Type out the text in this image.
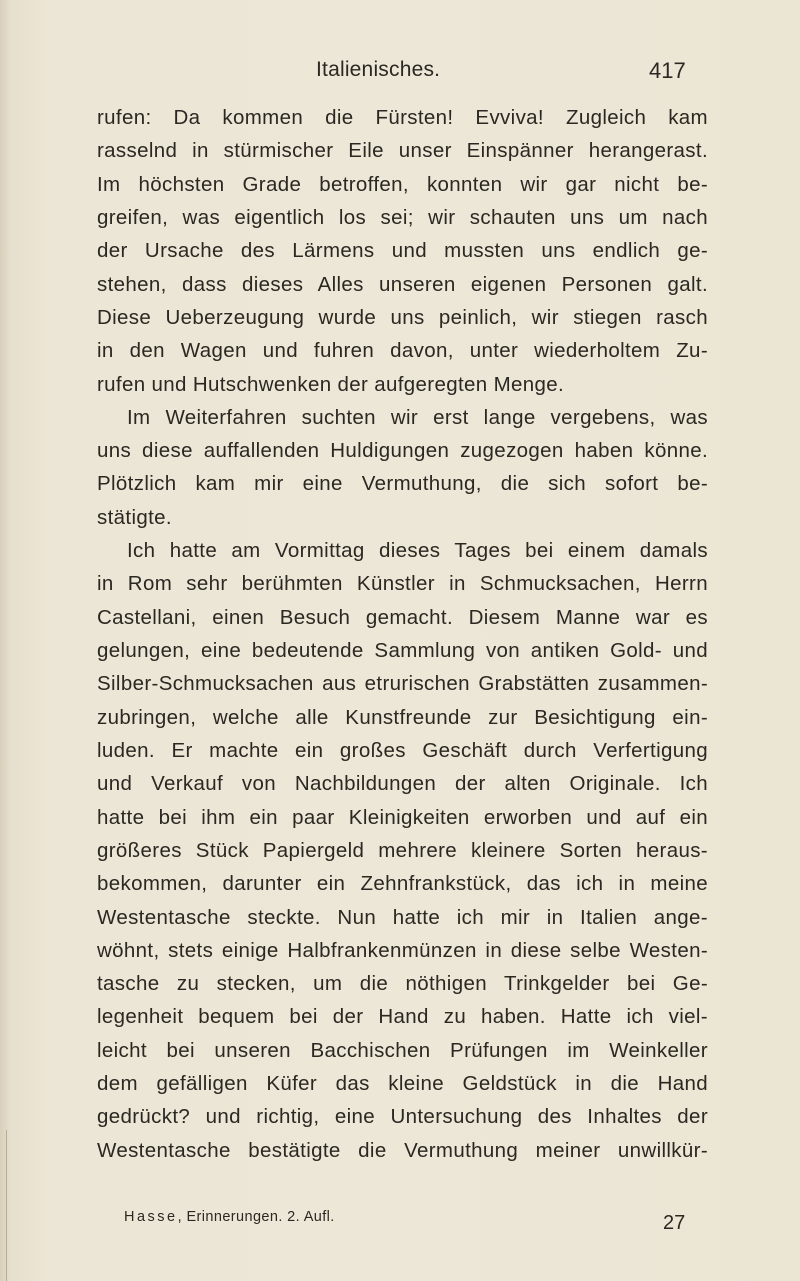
Italienisches.	417
rufen: Da kommen die Fürsten! Evviva! Zugleich kam
rasselnd in stürmischer Eile unser Einspänner herangerast.
Im höchsten Grade betroffen, konnten wir gar nicht be-
greifen, was eigentlich los sei; wir schauten uns um nach
der Ursache des Lärmens und mussten uns endlich ge-
stehen, dass dieses Alles unseren eigenen Personen galt.
Diese Ueberzeugung wurde uns peinlich, wir stiegen rasch
in den Wagen und fuhren davon, unter wiederholtem Zu-
rufen und Hutschwenken der aufgeregten Menge.
Im Weiterfahren suchten wir erst lange vergebens, was
uns diese auffallenden Huldigungen zugezogen haben könne.
Plötzlich kam mir eine Vermuthung, die sich sofort be-
stätigte.
Ich hatte am Vormittag dieses Tages bei einem damals
in Rom sehr berühmten Künstler in Schmucksachen, Herrn
Castellani, einen Besuch gemacht. Diesem Manne war es
gelungen, eine bedeutende Sammlung von antiken Gold- und
Silber-Schmucksachen aus etrurischen Grabstätten zusammen-
zubringen, welche alle Kunstfreunde zur Besichtigung ein-
luden. Er machte ein großes Geschäft durch Verfertigung
und Verkauf von Nachbildungen der alten Originale. Ich
hatte bei ihm ein paar Kleinigkeiten erworben und auf ein
größeres Stück Papiergeld mehrere kleinere Sorten heraus-
bekommen, darunter ein Zehnfrankstück, das ich in meine
Westentasche steckte. Nun hatte ich mir in Italien ange-
wöhnt, stets einige Halbfrankenmünzen in diese selbe Westen-
tasche zu stecken, um die nöthigen Trinkgelder bei Ge-
legenheit bequem bei der Hand zu haben. Hatte ich viel-
leicht bei unseren Bacchischen Prüfungen im Weinkeller
dem gefälligen Küfer das kleine Geldstück in die Hand
gedrückt? und richtig, eine Untersuchung des Inhaltes der
Westentasche bestätigte die Vermuthung meiner unwillkür-
Hasse, Erinnerungen. 2. Aufl.	27
